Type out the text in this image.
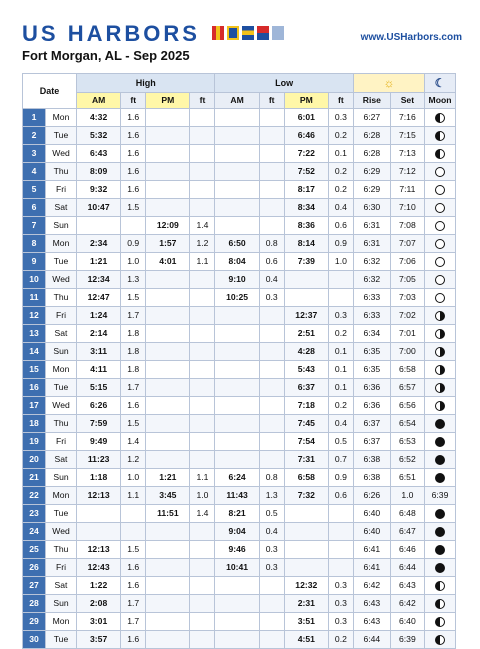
US HARBORS	www.USHarbors.com
Fort Morgan, AL - Sep 2025
Date		High				Low				☼		☾
		AM	ft	PM	ft	AM	ft	PM	ft	Rise	Set	Moon
1	Mon	4:32	1.6					6:01	0.3	6:27	7:16	
2	Tue	5:32	1.6					6:46	0.2	6:28	7:15	
3	Wed	6:43	1.6					7:22	0.1	6:28	7:13	
4	Thu	8:09	1.6					7:52	0.2	6:29	7:12	
5	Fri	9:32	1.6					8:17	0.2	6:29	7:11	
6	Sat	10:47	1.5					8:34	0.4	6:30	7:10	
7	Sun			12:09	1.4			8:36	0.6	6:31	7:08	
8	Mon	2:34	0.9	1:57	1.2	6:50	0.8	8:14	0.9	6:31	7:07	
9	Tue	1:21	1.0	4:01	1.1	8:04	0.6	7:39	1.0	6:32	7:06	
10	Wed	12:34	1.3			9:10	0.4			6:32	7:05	
11	Thu	12:47	1.5			10:25	0.3			6:33	7:03	
12	Fri	1:24	1.7					12:37	0.3	6:33	7:02	
13	Sat	2:14	1.8					2:51	0.2	6:34	7:01	
14	Sun	3:11	1.8					4:28	0.1	6:35	7:00	
15	Mon	4:11	1.8					5:43	0.1	6:35	6:58	
16	Tue	5:15	1.7					6:37	0.1	6:36	6:57	
17	Wed	6:26	1.6					7:18	0.2	6:36	6:56	
18	Thu	7:59	1.5					7:45	0.4	6:37	6:54	
19	Fri	9:49	1.4					7:54	0.5	6:37	6:53	
20	Sat	11:23	1.2					7:31	0.7	6:38	6:52	
21	Sun	1:18	1.0	1:21	1.1	6:24	0.8	6:58	0.9	6:38	6:51	
22	Mon	12:13	1.1	3:45	1.0	11:43	1.3	7:32	0.6	6:26	1.0	6:39
23	Tue			11:51	1.4	8:21	0.5			6:40	6:48	
24	Wed					9:04	0.4			6:40	6:47	
25	Thu	12:13	1.5			9:46	0.3			6:41	6:46	
26	Fri	12:43	1.6			10:41	0.3			6:41	6:44	
27	Sat	1:22	1.6					12:32	0.3	6:42	6:43	
28	Sun	2:08	1.7					2:31	0.3	6:43	6:42	
29	Mon	3:01	1.7					3:51	0.3	6:43	6:40	
30	Tue	3:57	1.6					4:51	0.2	6:44	6:39	
